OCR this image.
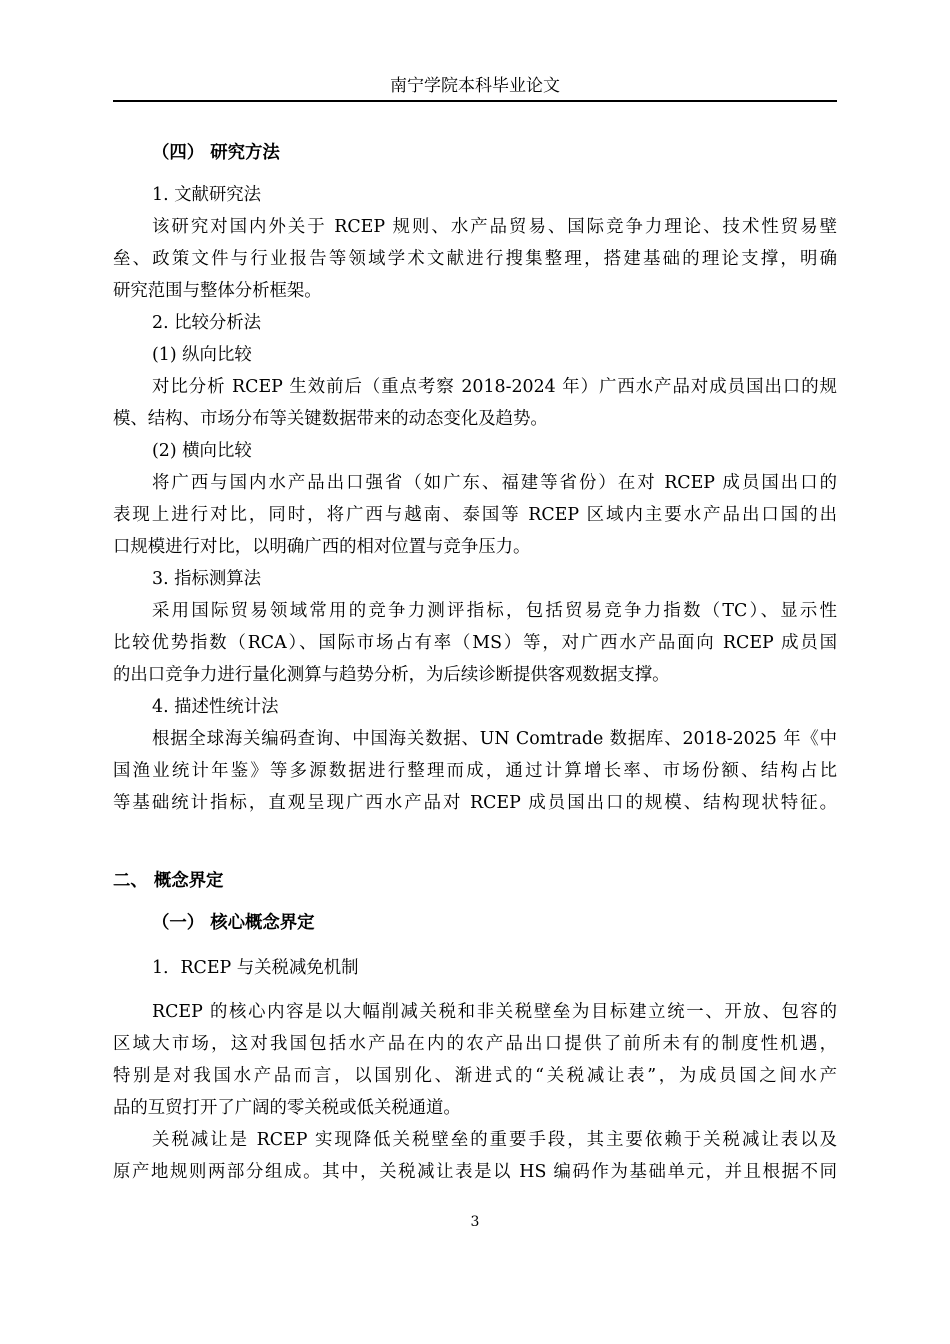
南宁学院本科毕业论文
（四） 研究方法
1. 文献研究法
该研究对国内外关于 RCEP 规则、水产品贸易、国际竞争力理论、技术性贸易壁
垒、政策文件与行业报告等领域学术文献进行搜集整理，搭建基础的理论支撑，明确
研究范围与整体分析框架。
2. 比较分析法
(1) 纵向比较
对比分析 RCEP 生效前后（重点考察 2018-2024 年）广西水产品对成员国出口的规
模、结构、市场分布等关键数据带来的动态变化及趋势。
(2) 横向比较
将广西与国内水产品出口强省（如广东、福建等省份）在对 RCEP 成员国出口的
表现上进行对比，同时，将广西与越南、泰国等 RCEP 区域内主要水产品出口国的出
口规模进行对比，以明确广西的相对位置与竞争压力。
3. 指标测算法
采用国际贸易领域常用的竞争力测评指标，包括贸易竞争力指数（TC）、显示性
比较优势指数（RCA）、国际市场占有率（MS）等，对广西水产品面向 RCEP 成员国
的出口竞争力进行量化测算与趋势分析，为后续诊断提供客观数据支撑。
4. 描述性统计法
根据全球海关编码查询、中国海关数据、UN Comtrade 数据库、2018-2025 年《中
国渔业统计年鉴》等多源数据进行整理而成，通过计算增长率、市场份额、结构占比
等基础统计指标，直观呈现广西水产品对 RCEP 成员国出口的规模、结构现状特征。
二、 概念界定
（一） 核心概念界定
1．RCEP 与关税减免机制
RCEP 的核心内容是以大幅削减关税和非关税壁垒为目标建立统一、开放、包容的
区域大市场，这对我国包括水产品在内的农产品出口提供了前所未有的制度性机遇，
特别是对我国水产品而言，以国别化、渐进式的“关税减让表”，为成员国之间水产
品的互贸打开了广阔的零关税或低关税通道。
关税减让是 RCEP 实现降低关税壁垒的重要手段，其主要依赖于关税减让表以及
原产地规则两部分组成。其中，关税减让表是以 HS 编码作为基础单元，并且根据不同
3
